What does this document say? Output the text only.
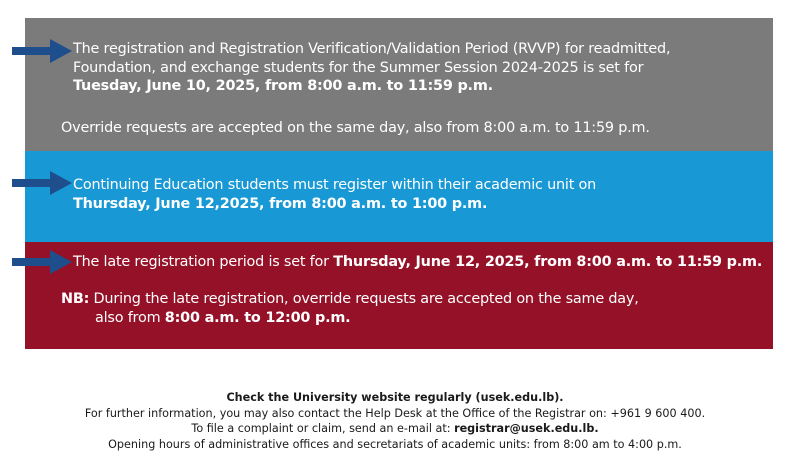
The registration and Registration Verification/Validation Period (RVVP) for readmitted,
Foundation, and exchange students for the Summer Session 2024-2025 is set for
Tuesday, June 10, 2025, from 8:00 a.m. to 11:59 p.m.
Override requests are accepted on the same day, also from 8:00 a.m. to 11:59 p.m.
Continuing Education students must register within their academic unit on
Thursday, June 12,2025, from 8:00 a.m. to 1:00 p.m.
The late registration period is set for Thursday, June 12, 2025, from 8:00 a.m. to 11:59 p.m.
NB: During the late registration, override requests are accepted on the same day,
also from 8:00 a.m. to 12:00 p.m.
Check the University website regularly (usek.edu.lb).
For further information, you may also contact the Help Desk at the Office of the Registrar on: +961 9 600 400.
To file a complaint or claim, send an e-mail at: registrar@usek.edu.lb.
Opening hours of administrative offices and secretariats of academic units: from 8:00 am to 4:00 p.m.
